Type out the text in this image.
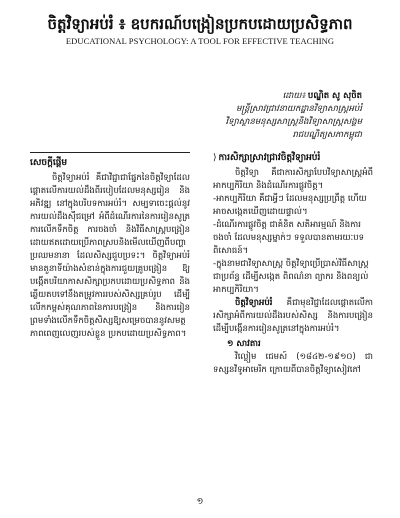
ចិត្តវិទ្យាអប់រំ ៖ ឧបករណ៍បង្រៀនប្រកបដោយប្រសិទ្ធភាព
EDUCATIONAL PSYCHOLOGY: A TOOL FOR EFFECTIVE TEACHING
ដោយ៖ បណ្ឌិត សូ សុចិត
មន្ត្រីស្រាវជ្រាវនាយកដ្ឋានវិទ្យាសាស្ត្រអប់រំ
វិទ្យាស្ថានមនុស្សសាស្ត្រនិងវិទ្យាសាស្ត្រសង្គម
រាជបណ្ឌិត្យសភាកម្ពុជា
សេចក្ដីផ្ដើម

ចិត្តវិទ្យាអប់រំ គឺជាវិជ្ជាជាផ្នែកនៃចិត្តវិទ្យាដែលផ្ដោតលើការយល់ដឹងពីរបៀបដែលមនុស្សរៀន និងអភិវឌ្ឍ នៅក្នុងបរិបទការអប់រំ។ សម្បទាចេះផ្តល់នូវការយល់ដឹងស៊ីជម្រៅ អំពីដំណើរការនៃការរៀនសូត្រ ការលើកទឹកចិត្ត ការចងចាំ និងវិធីសាស្ត្របង្រៀន ដោយឥតដោយប្រើភាពស្របនិងមើលឃើញពីបញ្ហាប្រឈមនានា ដែលសិស្សជួបប្រទះ។ ចិត្តវិទ្យាអប់រំ មានតួនាទីយ៉ាងសំខាន់ក្នុងការជួយគ្រូបង្រៀន ឱ្យបង្កើតបរិយាកាសសិក្សាប្រកបដោយប្រសិទ្ធភាព និងឆ្លើយតបទៅនឹងតម្រូវការរបស់សិស្សគ្រប់រូប ដើម្បីលើកកម្ពស់គុណភាពនៃការបង្រៀន និងការរៀន ព្រមទាំងលើកទឹកចិត្តសិស្សឱ្យសម្រេចបាននូវសមត្ថភាពពេញលេញរបស់ខ្លួន ប្រកបដោយប្រសិទ្ធភាព។

⟩ ការសិក្សាស្រាវជ្រាវចិត្តវិទ្យាអប់រំ

ចិត្តវិទ្យា គឺជាការសិក្សាបែបវិទ្យាសាស្ត្រអំពីអាកប្បកិរិយា និងដំណើរការផ្លូវចិត្ត។

-អាកប្បកិរិយា គឺជាអ្វីៗ ដែលមនុស្សប្រព្រឹត្ត ហើយអាចសង្កេតឃើញដោយផ្ទាល់។

-ដំណើរការផ្លូវចិត្ត ជាគំនិត សតិអារម្មណ៍ និងការចងចាំ ដែលមនុស្សម្នាក់ៗ ទទួលបានតាមរយៈបទពិសោធន៍។

-ក្នុងនាមជាវិទ្យាសាស្ត្រ ចិត្តវិទ្យាប្រើប្រាស់វិធីសាស្ត្រជាប្រព័ន្ធ ដើម្បីសង្កេត ពិពណ៌នា ព្យាករ និងពន្យល់អាកប្បកិរិយា។

ចិត្តវិទ្យាអប់រំ គឺជាមុខវិជ្ជាដែលផ្ដោតលើការសិក្សាអំពីការយល់ដឹងរបស់សិស្ស និងការបង្រៀន ដើម្បីបង្កើនការរៀនសូត្រនៅក្នុងការអប់រំ។

១ សាវតារ

វិល្លៀម ជេមស៍ (១៨៤២-១៩១០) ជាទស្សនវិទូអាមេរិក ក្រោយពីបានចិត្តវិទ្យាសៀវភៅ

១
